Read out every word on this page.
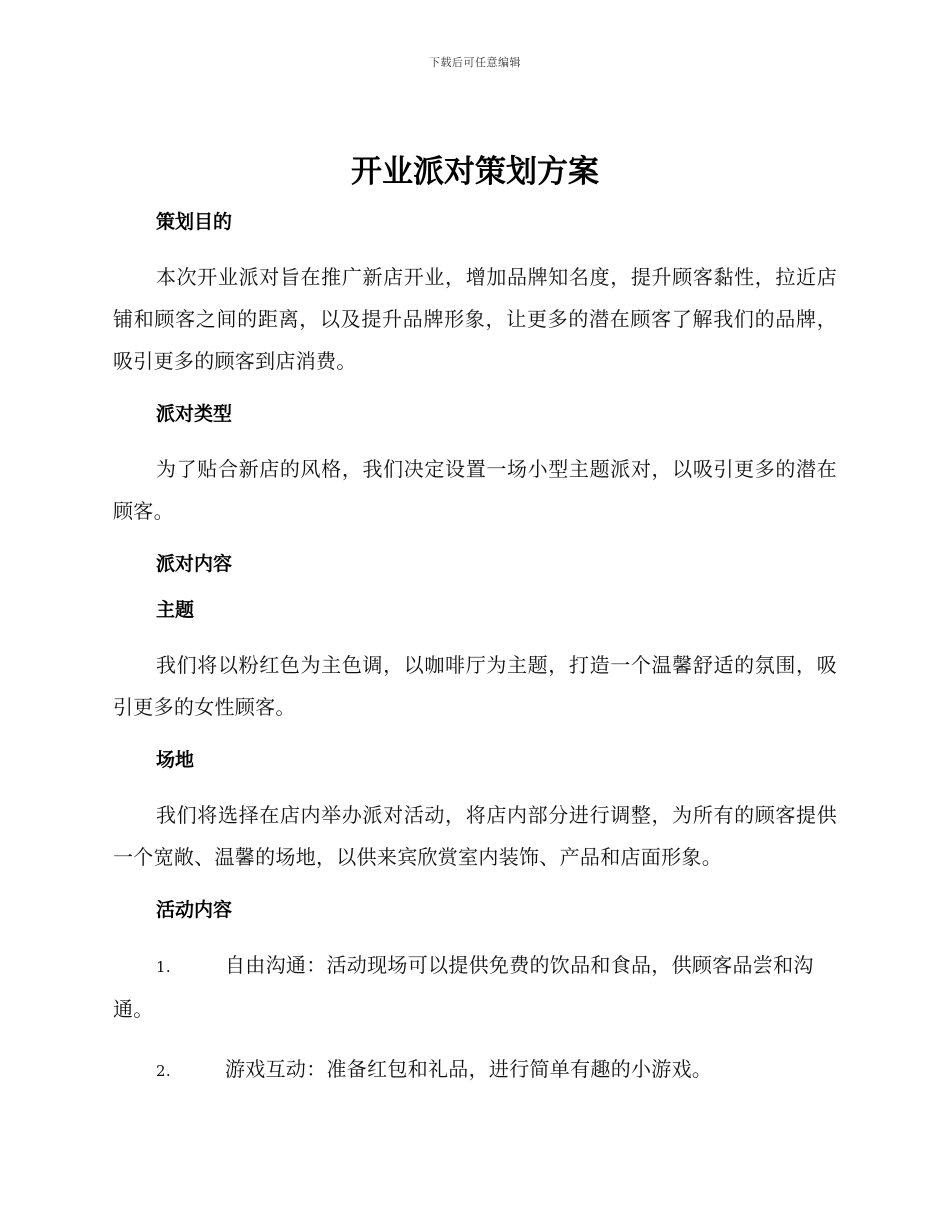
下载后可任意编辑
开业派对策划方案
策划目的

本次开业派对旨在推广新店开业，增加品牌知名度，提升顾客黏性，拉近店铺和顾客之间的距离，以及提升品牌形象，让更多的潜在顾客了解我们的品牌，吸引更多的顾客到店消费。

派对类型

为了贴合新店的风格，我们决定设置一场小型主题派对，以吸引更多的潜在顾客。

派对内容
主题

我们将以粉红色为主色调，以咖啡厅为主题，打造一个温馨舒适的氛围，吸引更多的女性顾客。

场地

我们将选择在店内举办派对活动，将店内部分进行调整，为所有的顾客提供一个宽敞、温馨的场地，以供来宾欣赏室内装饰、产品和店面形象。

活动内容

1.	自由沟通：活动现场可以提供免费的饮品和食品，供顾客品尝和沟通。

2.	游戏互动：准备红包和礼品，进行简单有趣的小游戏。
